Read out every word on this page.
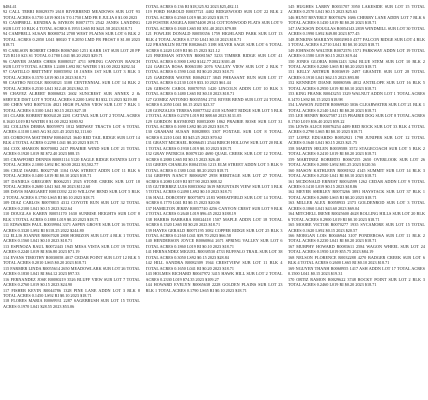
$484.41
92 CALL TERRI R0029379 2618 RIVERBEND MEADOWS SUB LOT 93 TOTAL ACRES 0.1750 L019 $0116 T 0.1750 LMD FR E JULIA 0 $1.00 2023
93 CAMPBELL KENDRA & MYRON R0071773 2542 JANES LANDING SUB LOT 10 BLK 4 TOTAL ACRES 0.1953 LS65 RI $421.58 2023 $18.71
94 CAMPBELL SUSAN R0080734 2708 WEST PLAINS SUB LOT 6 BLK 2 TOTAL ACRES 0.2050 L041 $0020 T 0.2050 LMD FR FROST 0 $1.00 2023 $18.71
95 CARLSON ROBERT CHRIS R0067460 1251 KARR 1ST SUB LOT 28 PP T25 R110 S23 S1 TOTAL 0.1780 L041 $0.20 2023 $29.71
96 CARVER JAMES CHRIS R0080527 4711 SPRING CANYON RANCH SUB LOT 9 TOTAL ACRES 1.2400 LS92 RC WATER 1 $1.00 2022 $282.34
97 CASTILLO BRITTNEY R0055892 18 JANES 1ST SUB LOT 3 BLK 3 TOTAL ACRES 0.1570 L019 $0.10 2023 $18.71
98 CASTRO NICOLE R0038321 3108 CENTENNIAL SUB LOT 14 BLK 2 TOTAL ACRES 0.2530 L041 $12.40 2023 $62.15
99 CHAVEZ ALBERT R0006823 2602 SUNCREST SUB ANNEX 2 & SERVICE DIST LOT 9 TOTAL ACRES 0.2200 LS92 RI $32.13 2023 $219.88
100 CHEN WEI R0075116 4821 HIGH PLAINS VIEW SUB LOT 7 BLK 1 TOTAL ACRES 0.3100 L041 $0.15 2023 $27.18
101 CLARK ROBERT R0034120 2281 CATTAIL SUB LOT 2 TOTAL ACRES 0.1620 L019 RI WATER 0 $1.00 2022 $180.92
102 COLLINS DEBRA R0059973 1812 MIDWAY TRACTS LOT 6 TOTAL ACRES 4.1100 LS65 AG $1,021.45 2023 $2,111.60
103 CORDOVA MATTHEW R0046521 3640 RED TAIL RIDGE SUB LOT 14 BLK 4 TOTAL ACRES 0.2290 L041 $0.20 2023 $18.71
104 COX SHARON R0070082 2417 PRAIRIE WIND SUB LOT 21 TOTAL ACRES 0.1920 L019 RI $72.40 2023 $88.15
105 CRAWFORD DENNIS R0081114 5120 EAGLE RIDGE ESTATES LOT 3 TOTAL ACRES 2.1000 LS92 RC $0.00 2022 $3,502.77
106 CRUZ ISABEL R0027748 1104 OAK STREET ADDN LOT 11 BLK 6 TOTAL ACRES 0.1400 L019 RI $0.10 2023 $18.71
107 DANIELS GREGORY R0062251 2925 STONE CREEK SUB LOT 18 TOTAL ACRES 0.2680 L041 $41.90 2023 $112.60
108 DAVIS MARGARET R0013392 2210 WILLOW BEND SUB LOT 5 BLK 2 TOTAL ACRES 0.1750 LS65 RI $0.10 2023 $18.71
109 DIAZ CARLOS R0078815 4312 COYOTE RUN SUB LOT 32 TOTAL ACRES 0.2100 L041 $0.15 2023 $22.64
110 DOUGLAS KAREN R0051170 1630 SUNRISE HEIGHTS SUB LOT 8 BLK 3 TOTAL ACRES 0.1880 L019 $0.20 2023 $18.71
111 EDWARDS PAUL R0039904 3371 ASPEN GROVE SUB LOT 16 TOTAL ACRES 0.3320 LS92 RI $118.25 2022 $244.80
112 ELLIS JOANNE R0067028 2808 HORIZON SUB LOT 4 BLK 1 TOTAL ACRES 0.1560 L041 $0.10 2023 $18.71
113 ESPINOZA RAUL R0072443 1945 MESA VISTA SUB LOT 19 TOTAL ACRES 0.2240 L019 RI $36.80 2023 $71.19
114 EVANS TIMOTHY R0030058 4017 CEDAR POINT SUB LOT 12 BLK 5 TOTAL ACRES 0.2010 LS65 $0.20 2023 $18.71
115 FARMER LINDA R0055614 2650 MEADOWLARK SUB LOT 26 TOTAL ACRES 0.1830 L041 RI $64.12 2023 $97.33
116 FERNANDEZ JOSE R0080219 3526 BLUFF VIEW SUB LOT 7 TOTAL ACRES 0.2760 L019 $0.15 2023 $24.90
117 FISHER KEVIN R0044786 1328 PINE LANE ADDN LOT 3 BLK 8 TOTAL ACRES 0.1450 LS92 RI $0.10 2023 $18.71
118 FLORES MARIA R0069931 2287 SAGEBRUSH SUB LOT 15 TOTAL ACRES 0.1970 L041 $28.55 2023 $53.06
TOTAL ACRES 0.136 RI $18,325.92 2023 $25,482.11
119 FORD HAROLD R0037721 4402 RIDGEWOOD SUB LOT 22 BLK 2 TOTAL ACRES 0.2560 L019 $0.20 2023 $18.71
120 FOSTER ANGELA R0074408 2914 COTTONWOOD FLATS SUB LOT 9 TOTAL ACRES 0.1840 LS65 RI $51.40 2023 $79.88
121 FOWLER DONALD R0058356 1759 HIGHLAND PARK SUB LOT 13 BLK 4 TOTAL ACRES 0.1710 L041 $0.10 2023 $18.71
122 FRANKLIN RUTH R0026645 3188 SILVER SAGE SUB LOT 6 TOTAL ACRES 0.2420 L019 RI $0.15 2023 $21.12
123 FREEMAN STEVEN R0081567 5233 TIMBER RIDGE SUB LOT 41 TOTAL ACRES 0.3900 LS92 $142.77 2022 $301.48
124 GARCIA ROSA R0063180 2076 VALLEY VIEW SUB LOT 2 BLK 7 TOTAL ACRES 0.1590 L041 RI $0.20 2023 $18.71
125 GARDNER WAYNE R0049217 3845 PHEASANT RUN SUB LOT 17 TOTAL ACRES 0.2130 L019 $33.10 2023 $61.44
126 GIBSON CAROL R0070765 1420 LINCOLN ADDN LOT 10 BLK 3 TOTAL ACRES 0.1480 LS65 RI $0.10 2023 $18.71
127 GOMEZ ANTONIO R0035594 2731 RIVER BEND SUB LOT 24 TOTAL ACRES 0.2050 L041 $0.15 2023 $23.37
128 GONZALES TERESA R0077342 4118 SUNSET RIDGE SUB LOT 5 BLK 2 TOTAL ACRES 0.2370 L019 RI $88.60 2023 $131.05
129 GORDON RAYMOND R0052009 1862 PRAIRIE ROSE SUB LOT 31 TOTAL ACRES 0.1690 LS92 $0.20 2023 $18.71
130 GRAHAM SUSAN R0028883 3307 FOXTAIL SUB LOT 8 TOTAL ACRES 0.2210 L041 RI $45.25 2023 $70.62
131 GRANT MICHAEL R0066451 2544 BIRCH HOLLOW SUB LOT 20 BLK 1 TOTAL ACRES 0.1930 L019 $0.10 2023 $18.71
132 GRAY PATRICIA R0079120 4690 QUAIL CREEK SUB LOT 12 TOTAL ACRES 0.2880 LS65 RI $0.15 2023 $26.40
133 GREEN CHARLES R0041536 1213 ELM STREET ADDN LOT 5 BLK 9 TOTAL ACRES 0.1380 L041 $0.20 2023 $18.71
134 GRIFFIN NANCY R0068297 2958 HERITAGE SUB LOT 27 TOTAL ACRES 0.2080 L019 RI $57.90 2023 $88.32
135 GUTIERREZ LUIS R0033062 3619 MOUNTAIN VIEW SUB LOT 3 BLK 5 TOTAL ACRES 0.2490 LS92 $0.10 2023 $18.71
136 HALL DOROTHY R0075873 2183 WHEATFIELD SUB LOT 14 TOTAL ACRES 0.1770 L041 RI $0.15 2023 $20.06
137 HAMILTON JERRY R0057740 4256 CANYON CREST SUB LOT 9 BLK 2 TOTAL ACRES 0.2640 L019 $96.45 2022 $188.19
138 HARRIS BARBARA R0024418 1507 MAPLE ADDN LOT 18 TOTAL ACRES 0.1520 LS65 RI $0.20 2023 $18.71
139 HAYES GERALD R0071195 3082 COPPER RIDGE SUB LOT 25 BLK 3 TOTAL ACRES 0.2160 L041 $39.70 2023 $66.58
140 HENDERSON JOYCE R0060864 2671 SPRING VALLEY SUB LOT 6 TOTAL ACRES 0.1860 L019 RI $0.10 2023 $18.71
141 HERNANDEZ MIGUEL R0038530 4733 BUFFALO TRAIL SUB LOT 38 TOTAL ACRES 0.3050 LS92 $0.15 2023 $28.84
142 HILL SANDRA R0082309 1944 CRESTVIEW SUB LOT 11 BLK 4 TOTAL ACRES 0.1650 L041 RI $0.20 2023 $18.71
143 HOLMES RICHARD R0047972 3415 HAWK HILL SUB LOT 2 TOTAL ACRES 0.2330 L019 $74.35 2023 $109.27
144 HOWARD EVELYN R0065638 2228 GOLDEN PLAINS SUB LOT 23 BLK 1 TOTAL ACRES 0.1790 LS65 RI $0.10 2023 $18.71
145 HUGHES LARRY R0031707 3950 LAKESIDE SUB LOT 15 TOTAL ACRES 0.2570 L041 $0.15 2023 $25.63
146 HUNT BEVERLY R0078476 1686 CHERRY LANE ADDN LOT 7 BLK 6 TOTAL ACRES 0.1430 L019 RI $0.20 2023 $18.71
147 JACKSON DOUGLAS R0054143 2839 WINDMILL SUB LOT 30 TOTAL ACRES 0.1990 LS92 $49.80 2023 $77.45
148 JENKINS MARILYN R0029810 4377 FALCON RIDGE SUB LOT 4 BLK 3 TOTAL ACRES 0.2710 L041 RI $0.10 2023 $18.71
149 JOHNSON WALTER R0072576 1571 PARKWAY ADDN LOT 19 TOTAL ACRES 0.1580 L019 $0.15 2023 $19.44
150 JONES GLORIA R0061243 3264 BLUE STEM SUB LOT 10 BLK 2 TOTAL ACRES 0.2260 LS65 RI $0.20 2023 $18.71
151 KELLY ARTHUR R0036919 2497 GRANITE SUB LOT 28 TOTAL ACRES 0.1910 L041 $62.15 2023 $93.80
152 KENNEDY DIANE R0080586 4812 ANTELOPE SUB LOT 16 BLK 5 TOTAL ACRES 0.2950 L019 RI $0.10 2023 $18.71
153 KING FRANK R0043253 1329 WALNUT ADDN LOT 1 TOTAL ACRES 0.1470 LS92 $0.15 2023 $18.98
154 LAWSON JUDITH R0069920 3036 CLEARWATER SUB LOT 21 BLK 1 TOTAL ACRES 0.2140 L041 RI $0.20 2023 $18.71
155 LEE HENRY R0027587 2115 PRAIRIE DOG SUB LOT 8 TOTAL ACRES 0.1740 L019 $36.40 2023 $59.22
156 LEWIS ALICE R0076254 4489 RED ROCK SUB LOT 33 BLK 4 TOTAL ACRES 0.2790 LS65 RI $0.10 2023 $18.71
157 LOPEZ EDUARDO R0052921 1798 JUNIPER SUB LOT 12 TOTAL ACRES 0.1640 L041 $0.15 2023 $21.75
158 MARTIN HELEN R0039588 3572 STAGECOACH SUB LOT 5 BLK 2 TOTAL ACRES 0.2410 L019 RI $0.20 2023 $18.71
159 MARTINEZ ROBERTO R0067255 2650 OVERLOOK SUB LOT 26 TOTAL ACRES 0.2000 LS92 $81.25 2023 $120.36
160 MASON KATHLEEN R0081922 4145 SUMMIT SUB LOT 14 BLK 3 TOTAL ACRES 0.2520 L041 RI $0.10 2023 $18.71
161 MCDONALD ERNEST R0034599 1262 CEDAR ADDN LOT 9 TOTAL ACRES 0.1410 L019 $0.15 2023 $18.86
162 MEYER SHIRLEY R0073266 3891 HAYSTACK SUB LOT 37 BLK 1 TOTAL ACRES 0.2680 LS65 RI $0.20 2023 $18.71
163 MILLER ALEX R0058933 2373 GOLDENROD SUB LOT 3 TOTAL ACRES 0.1860 L041 $43.60 2023 $69.04
164 MITCHELL IRENE R0025600 4628 ROLLING HILLS SUB LOT 20 BLK 6 TOTAL ACRES 0.2900 L019 RI $0.10 2023 $18.71
165 MOORE VICTOR R0070277 1935 SYCAMORE SUB LOT 15 TOTAL ACRES 0.1620 LS92 $0.15 2023 $20.57
166 MORGAN LOIS R0046944 3107 PONDEROSA SUB LOT 11 BLK 2 TOTAL ACRES 0.2230 L041 RI $0.20 2023 $18.71
167 MURPHY HOWARD R0083611 2584 WAGON WHEEL SUB LOT 24 TOTAL ACRES 0.1950 L019 $55.75 2023 $84.19
168 NELSON FLORENCE R0032288 4270 BADGER CREEK SUB LOT 6 BLK 4 TOTAL ACRES 0.2600 LS65 RI $0.10 2023 $18.71
169 NGUYEN THANH R0068955 1417 ASH ADDN LOT 17 TOTAL ACRES 0.1500 L041 $0.15 2023 $19.31
170 ORTIZ RAMON R0029622 3748 ROCKY POINT SUB LOT 2 BLK 3 TOTAL ACRES 0.2460 L019 RI $0.20 2023 $18.71
